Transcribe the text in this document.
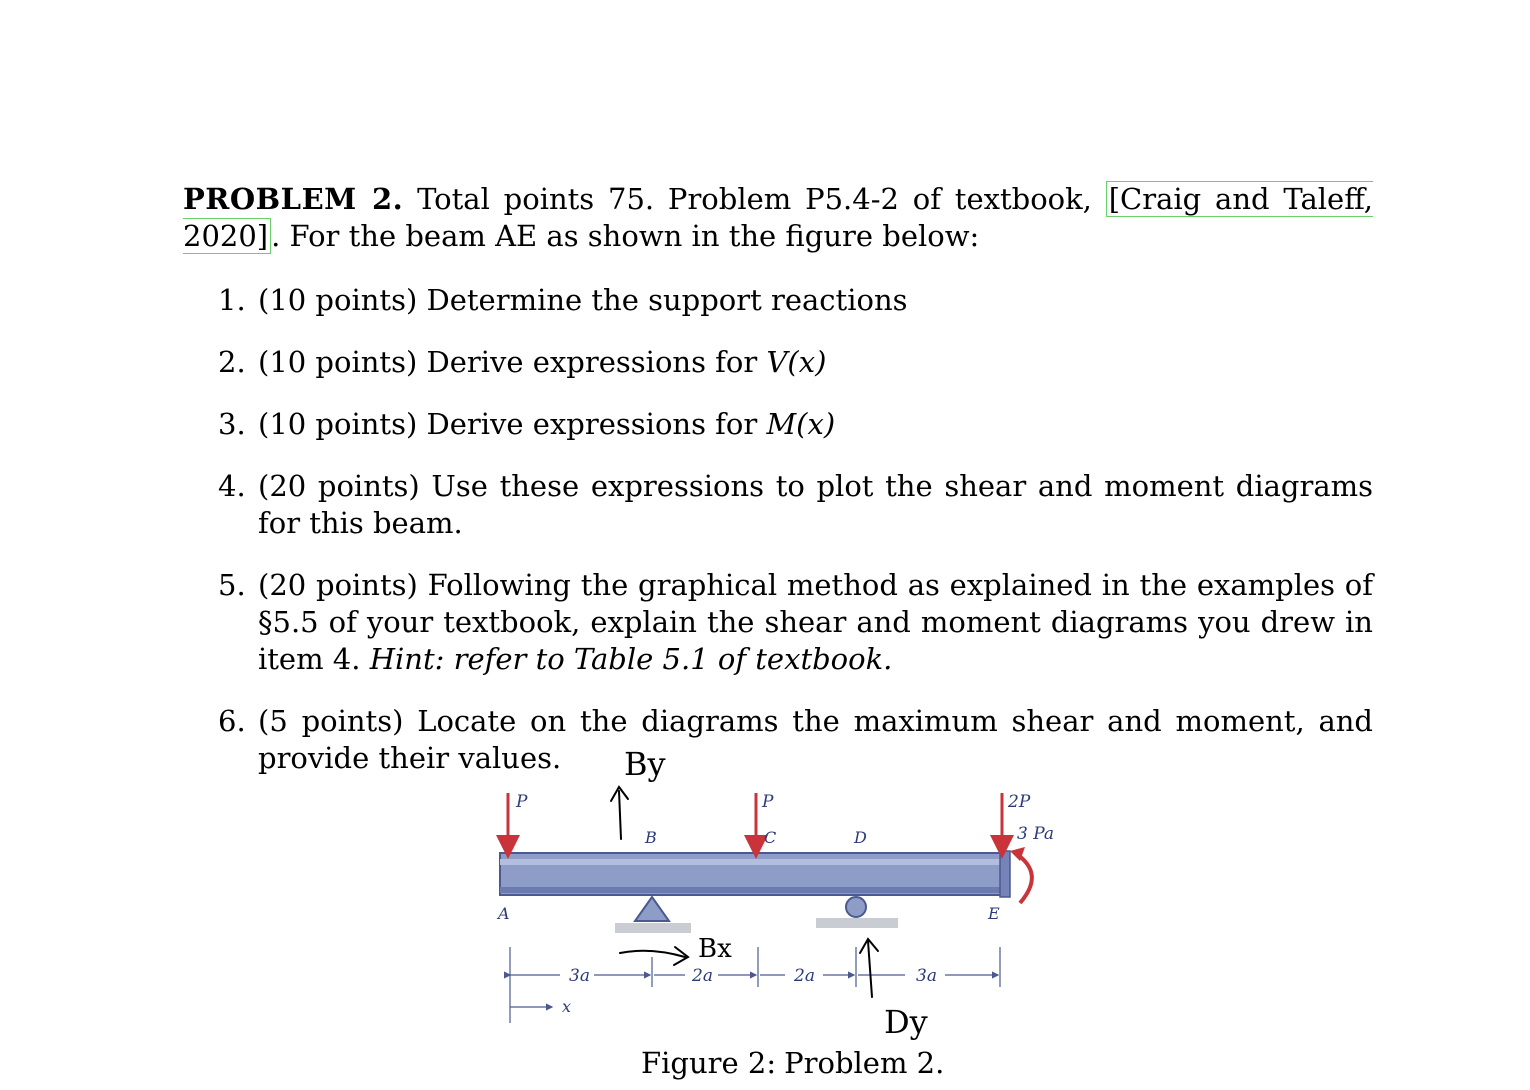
PROBLEM 2. Total points 75. Problem P5.4-2 of textbook, [Craig and Taleff, 2020] . For the beam AE as shown in the figure below:
1. (10 points) Determine the support reactions
2. (10 points) Derive expressions for V(x)
3. (10 points) Derive expressions for M(x)
4. (20 points) Use these expressions to plot the shear and moment diagrams for this beam.
5. (20 points) Following the graphical method as explained in the examples of §5.5 of your textbook, explain the shear and moment diagrams you drew in item 4. Hint: refer to Table 5.1 of textbook.
6. (5 points) Locate on the diagrams the maximum shear and moment, and provide their values.
P	P	2P
3 Pa
A
B	C	D
E
3a	2a	2a	3a
x
By
Bx
Dy
Figure 2: Problem 2.
